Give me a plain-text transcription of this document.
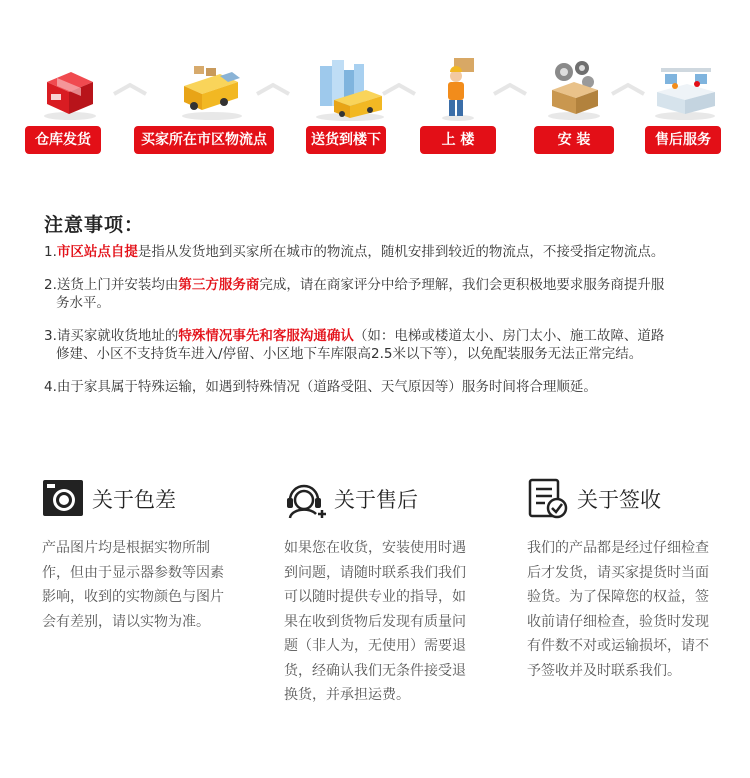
仓库发货	买家所在市区物流点	送货到楼下	上 楼	安 装	售后服务
注意事项：
1.市区站点自提是指从发货地到买家所在城市的物流点，随机安排到较近的物流点，不接受指定物流点。
2.送货上门并安装均由第三方服务商完成，请在商家评分中给予理解，我们会更积极地要求服务商提升服
务水平。
3.请买家就收货地址的特殊情况事先和客服沟通确认（如：电梯或楼道太小、房门太小、施工故障、道路
修建、小区不支持货车进入/停留、小区地下车库限高2.5米以下等），以免配装服务无法正常完结。
4.由于家具属于特殊运输，如遇到特殊情况（道路受阻、天气原因等）服务时间将合理顺延。
关于色差
产品图片均是根据实物所制作，但由于显示器参数等因素影响，收到的实物颜色与图片会有差别，请以实物为准。
关于售后
如果您在收货，安装使用时遇到问题，请随时联系我们我们可以随时提供专业的指导，如果在收到货物后发现有质量问题（非人为，无使用）需要退货，经确认我们无条件接受退换货，并承担运费。
关于签收
我们的产品都是经过仔细检查后才发货，请买家提货时当面验货。为了保障您的权益，签收前请仔细检查，验货时发现有件数不对或运输损坏，请不予签收并及时联系我们。
